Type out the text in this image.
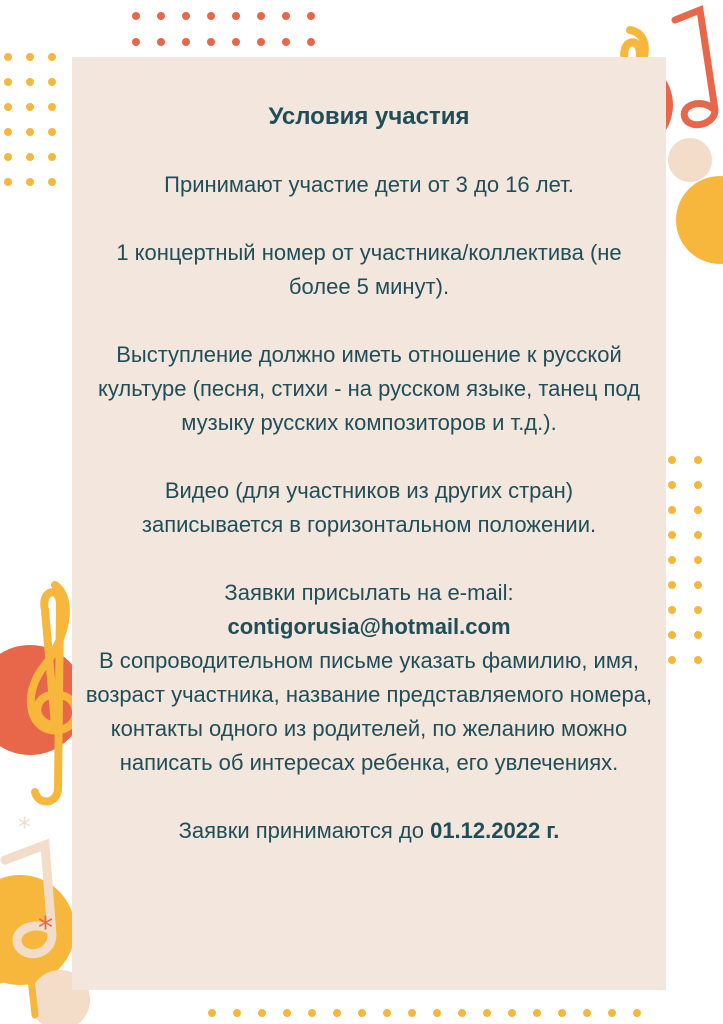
*
*
*

Условия участия

Принимают участие дети от 3 до 16 лет.

1 концертный номер от участника/коллектива (не более 5 минут).

Выступление должно иметь отношение к русской культуре (песня, стихи - на русском языке, танец под музыку русских композиторов и т.д.).

Видео (для участников из других стран) записывается в горизонтальном положении.

Заявки присылать на e-mail:

contigorusia@hotmail.com

В сопроводительном письме указать фамилию, имя, возраст участника, название представляемого номера, контакты одного из родителей, по желанию можно написать об интересах ребенка, его увлечениях.

Заявки принимаются до 01.12.2022 г.
